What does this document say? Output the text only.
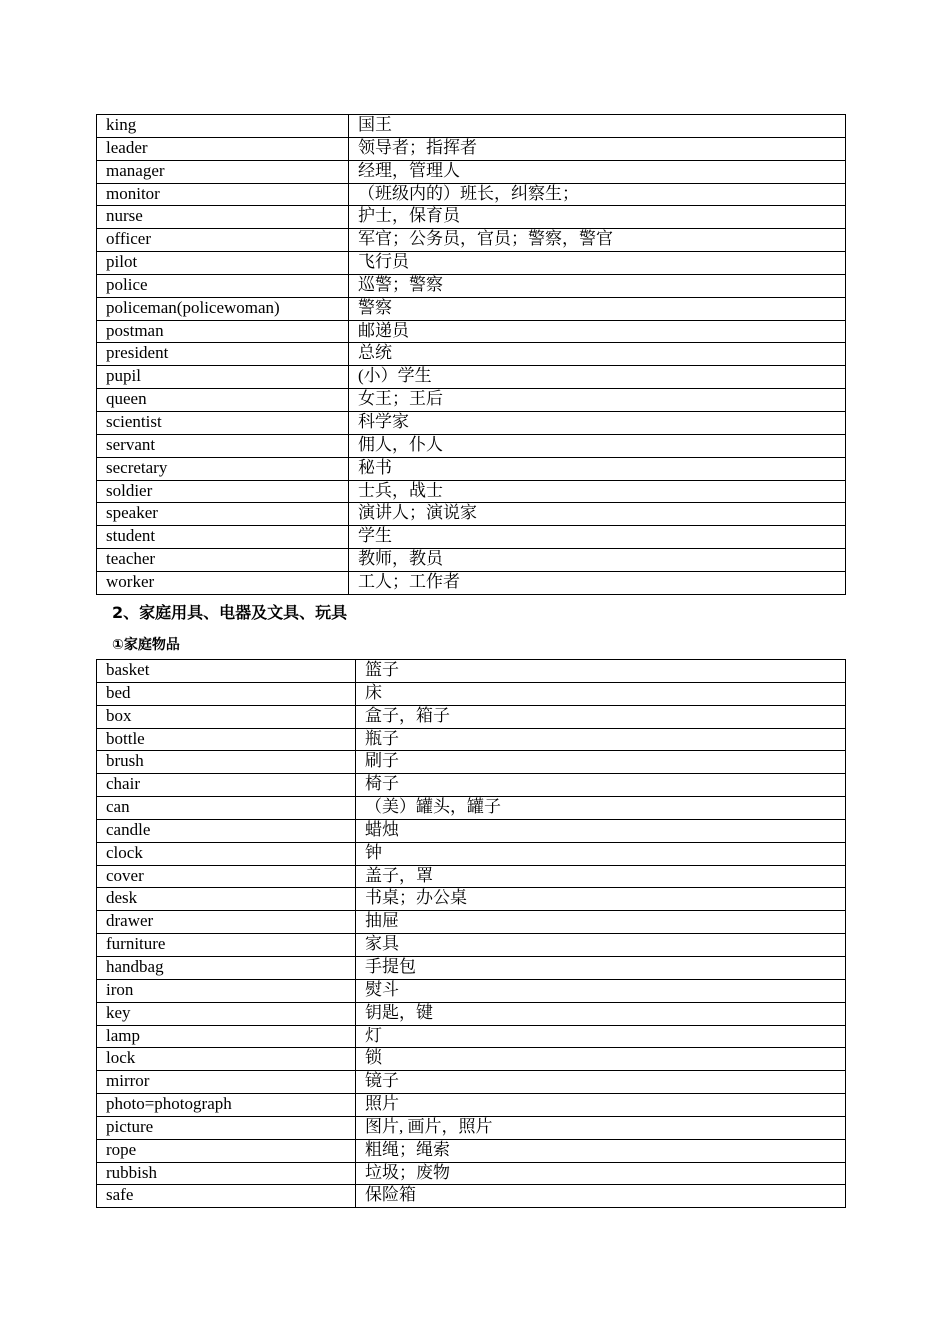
king	国王
leader	领导者；指挥者
manager	经理，管理人
monitor	（班级内的）班长，纠察生；
nurse	护士，保育员
officer	军官；公务员，官员；警察，警官
pilot	飞行员
police	巡警；警察
policeman(policewoman)	警察
postman	邮递员
president	总统
pupil	(小）学生
queen	女王；王后
scientist	科学家
servant	佣人，仆人
secretary	秘书
soldier	士兵，战士
speaker	演讲人；演说家
student	学生
teacher	教师，教员
worker	工人；工作者
2、家庭用具、电器及文具、玩具
①家庭物品
basket	篮子
bed	床
box	盒子，箱子
bottle	瓶子
brush	刷子
chair	椅子
can	（美）罐头，罐子
candle	蜡烛
clock	钟
cover	盖子，罩
desk	书桌；办公桌
drawer	抽屉
furniture	家具
handbag	手提包
iron	熨斗
key	钥匙，键
lamp	灯
lock	锁
mirror	镜子
photo=photograph	照片
picture	图片, 画片，照片
rope	粗绳；绳索
rubbish	垃圾；废物
safe	保险箱
